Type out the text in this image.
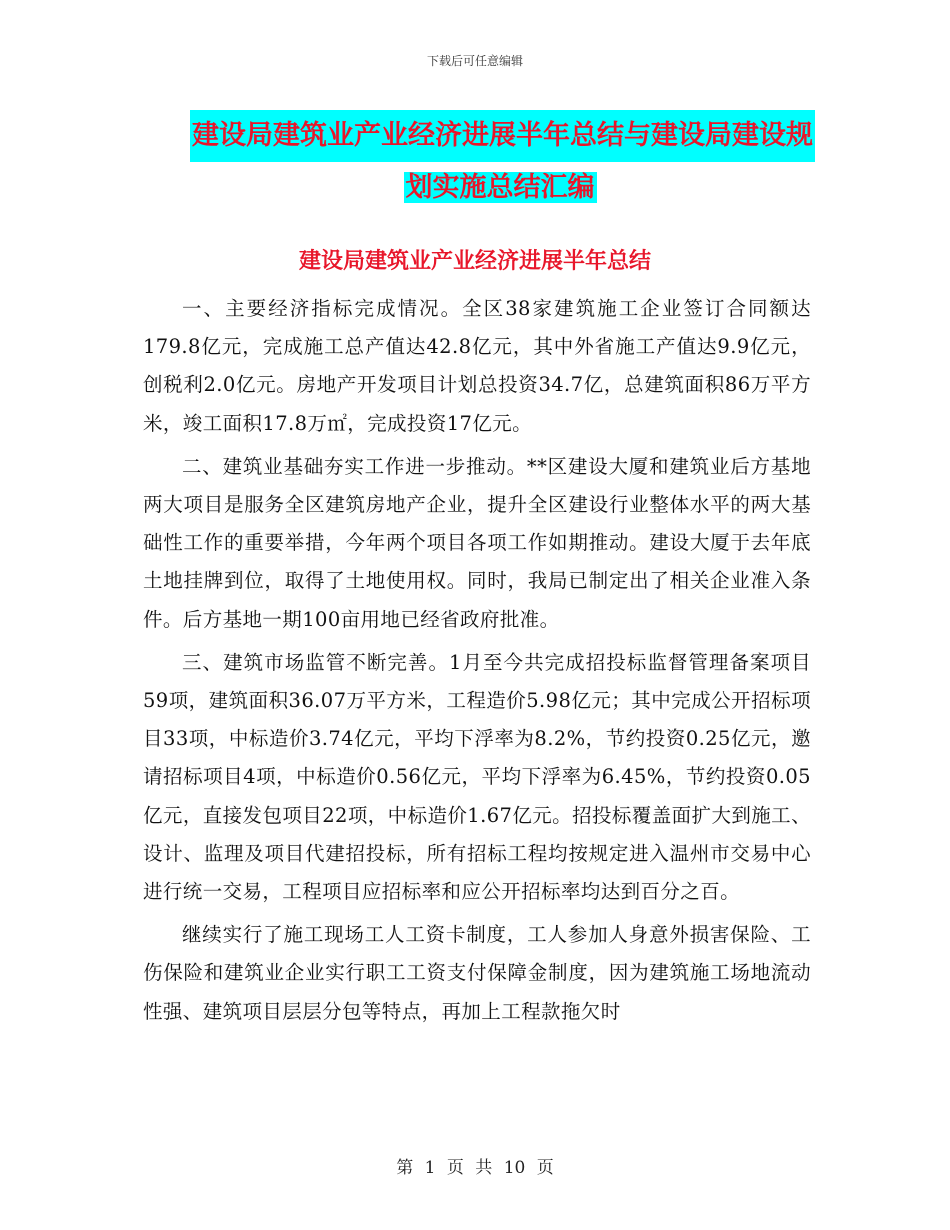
下载后可任意编辑
建设局建筑业产业经济进展半年总结与建设局建设规
划实施总结汇编
建设局建筑业产业经济进展半年总结

一、主要经济指标完成情况。全区38家建筑施工企业签订合同额达179.8亿元，完成施工总产值达42.8亿元，其中外省施工产值达9.9亿元，创税利2.0亿元。房地产开发项目计划总投资34.7亿，总建筑面积86万平方米，竣工面积17.8万㎡，完成投资17亿元。

二、建筑业基础夯实工作进一步推动。**区建设大厦和建筑业后方基地两大项目是服务全区建筑房地产企业，提升全区建设行业整体水平的两大基础性工作的重要举措，今年两个项目各项工作如期推动。建设大厦于去年底土地挂牌到位，取得了土地使用权。同时，我局已制定出了相关企业准入条件。后方基地一期100亩用地已经省政府批准。

三、建筑市场监管不断完善。1月至今共完成招投标监督管理备案项目59项，建筑面积36.07万平方米，工程造价5.98亿元；其中完成公开招标项目33项，中标造价3.74亿元，平均下浮率为8.2%，节约投资0.25亿元，邀请招标项目4项，中标造价0.56亿元，平均下浮率为6.45%，节约投资0.05亿元，直接发包项目22项，中标造价1.67亿元。招投标覆盖面扩大到施工、设计、监理及项目代建招投标，所有招标工程均按规定进入温州市交易中心进行统一交易，工程项目应招标率和应公开招标率均达到百分之百。

继续实行了施工现场工人工资卡制度，工人参加人身意外损害保险、工伤保险和建筑业企业实行职工工资支付保障金制度，因为建筑施工场地流动性强、建筑项目层层分包等特点，再加上工程款拖欠时

第 1 页 共 10 页
